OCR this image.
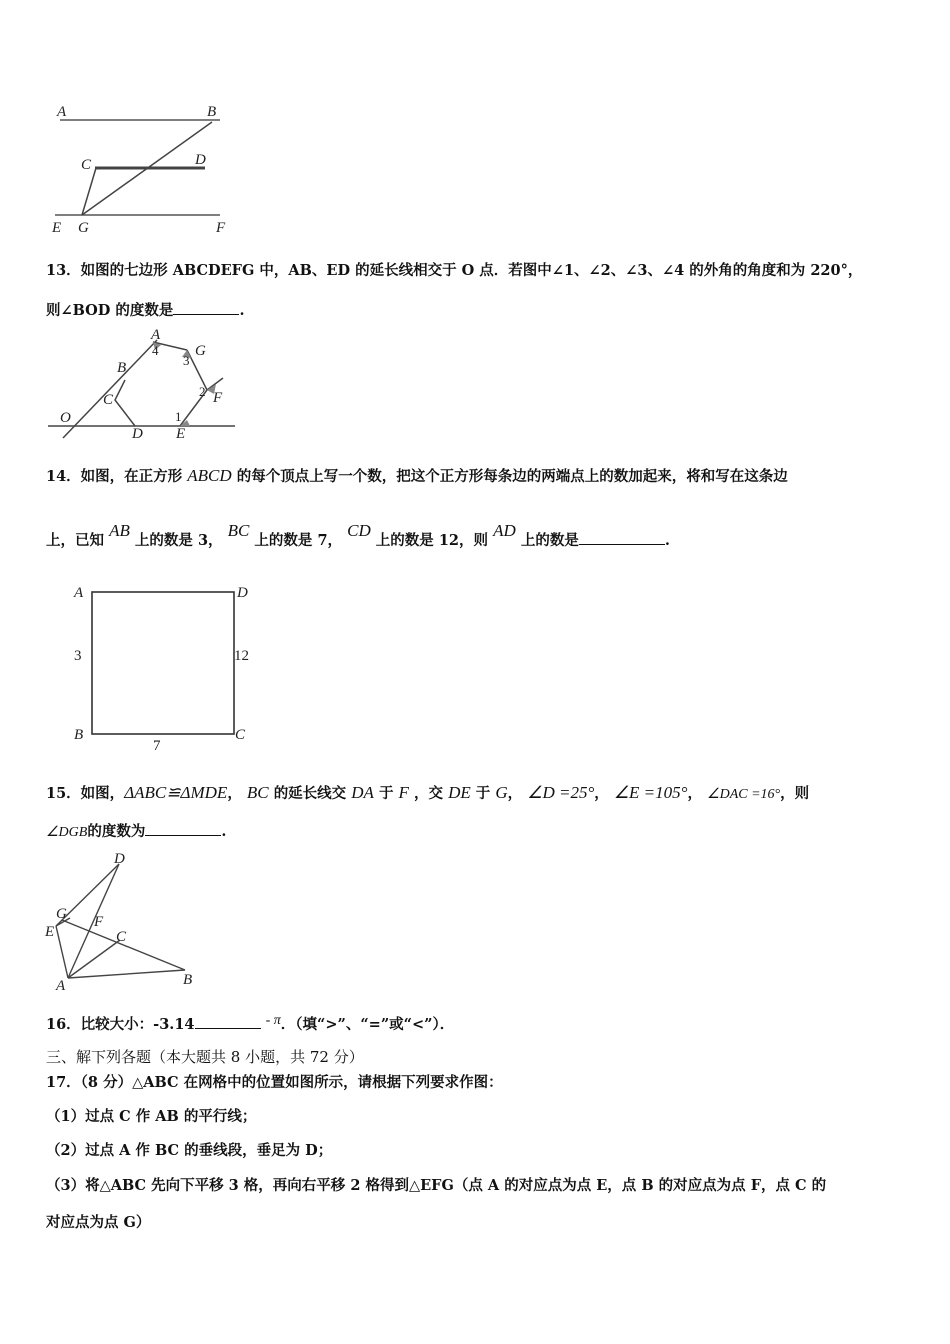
A	B
C	D
E G	F
13．如图的七边形 ABCDEFG 中，AB、ED 的延长线相交于 O 点．若图中∠1、∠2、∠3、∠4 的外角的角度和为 220°，
则∠BOD 的度数是	.
O
B
C
D
A
G
F
E
1
2
3
4
14．如图，在正方形 ABCD 的每个顶点上写一个数，把这个正方形每条边的两端点上的数加起来，将和写在这条边
上，已知 AB 上的数是 3， BC 上的数是 7， CD 上的数是 12，则 AD 上的数是	.
A	D
B	C
3	12
7
15．如图，ΔABC≌ΔMDE， BC 的延长线交 DA 于 F ，交 DE 于 G， ∠D =25°， ∠E =105°， ∠DAC =16°，则
∠DGB的度数为	.
D
G F
E	C
A	B
16．比较大小：-3.14	- π．（填“>”、“=”或“<”）．
三、解下列各题（本大题共 8 小题，共 72 分）
17．（8 分）△ABC 在网格中的位置如图所示，请根据下列要求作图：
（1）过点 C 作 AB 的平行线；
（2）过点 A 作 BC 的垂线段，垂足为 D；
（3）将△ABC 先向下平移 3 格，再向右平移 2 格得到△EFG（点 A 的对应点为点 E，点 B 的对应点为点 F，点 C 的
对应点为点 G）
